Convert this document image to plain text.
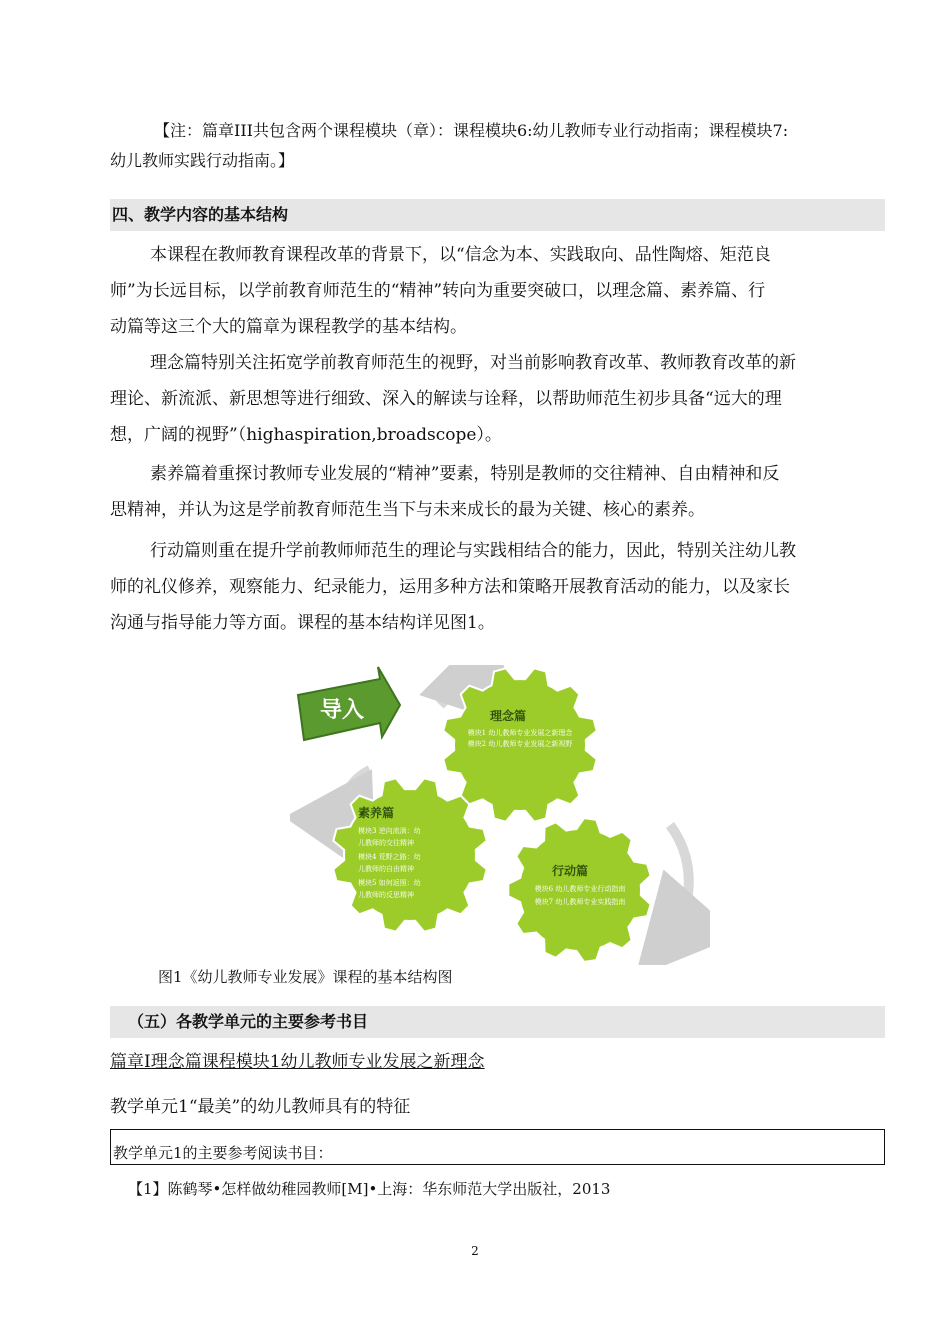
【注：篇章III共包含两个课程模块（章）：课程模块6:幼儿教师专业行动指南；课程模块7:
幼儿教师实践行动指南。】
四、教学内容的基本结构
本课程在教师教育课程改革的背景下，以“信念为本、实践取向、品性陶熔、矩范良
师”为长远目标，以学前教育师范生的“精神”转向为重要突破口，以理念篇、素养篇、行
动篇等这三个大的篇章为课程教学的基本结构。
理念篇特别关注拓宽学前教育师范生的视野，对当前影响教育改革、教师教育改革的新
理论、新流派、新思想等进行细致、深入的解读与诠释，以帮助师范生初步具备“远大的理
想，广阔的视野”（highaspiration,broadscope）。
素养篇着重探讨教师专业发展的“精神”要素，特别是教师的交往精神、自由精神和反
思精神，并认为这是学前教育师范生当下与未来成长的最为关键、核心的素养。
行动篇则重在提升学前教师师范生的理论与实践相结合的能力，因此，特别关注幼儿教
师的礼仪修养，观察能力、纪录能力，运用多种方法和策略开展教育活动的能力，以及家长
沟通与指导能力等方面。课程的基本结构详见图1。
导入	理念篇
模块1 幼儿教师专业发展之新理念
模块2 幼儿教师专业发展之新视野
素养篇
模块3 逆向流淌：幼
儿教师的交往精神
模块4 荒野之路：幼
儿教师的自由精神
模块5 如何返照：幼
儿教师的反思精神
行动篇
模块6 幼儿教师专业行动指南
模块7 幼儿教师专业实践指南
图1《幼儿教师专业发展》课程的基本结构图
（五）各教学单元的主要参考书目
篇章I理念篇课程模块1幼儿教师专业发展之新理念
教学单元1“最美”的幼儿教师具有的特征
教学单元1的主要参考阅读书目：
【1】陈鹤琴•怎样做幼稚园教师[M]•上海：华东师范大学出版社，2013
2
